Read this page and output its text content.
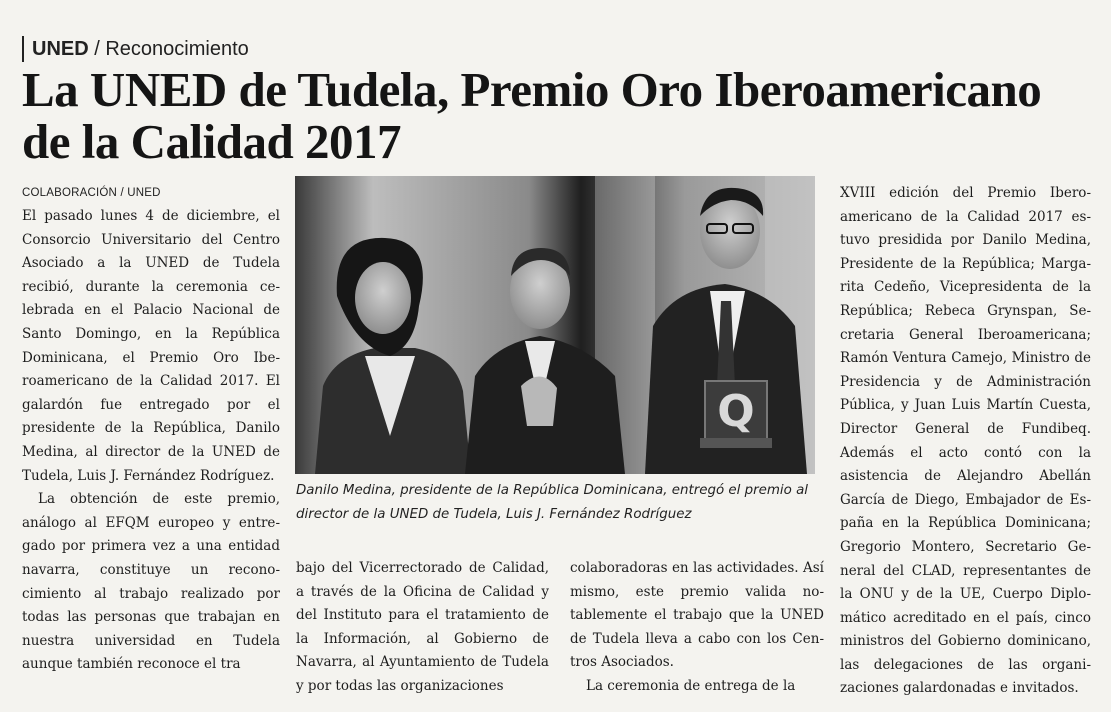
UNED / Reconocimiento
La UNED de Tudela, Premio Oro Iberoamericano
de la Calidad 2017
COLABORACIÓN / UNED

El pasado lunes 4 de diciembre, el Consorcio Universitario del Centro Asociado a la UNED de Tudela recibió, durante la ceremonia celebrada en el Palacio Nacional de Santo Domingo, en la República Dominicana, el Premio Oro Iberoamericano de la Calidad 2017. El galardón fue entregado por el presidente de la República, Danilo Medina, al director de la UNED de Tudela, Luis J. Fernández Rodríguez.

La obtención de este premio, análogo al EFQM europeo y entregado por primera vez a una entidad navarra, constituye un reconocimiento al trabajo realizado por todas las personas que trabajan en nuestra universidad en Tudela aunque también reconoce el tra

Q
Danilo Medina, presidente de la República Dominicana, entregó el premio al director de la UNED de Tudela, Luis J. Fernández Rodríguez

bajo del Vicerrectorado de Calidad, a través de la Oficina de Calidad y del Instituto para el tratamiento de la Información, al Gobierno de Navarra, al Ayuntamiento de Tudela y por todas las organizaciones

colaboradoras en las actividades. Así mismo, este premio valida notablemente el trabajo que la UNED de Tudela lleva a cabo con los Centros Asociados.

La ceremonia de entrega de la

XVIII edición del Premio Iberoamericano de la Calidad 2017 estuvo presidida por Danilo Medina, Presidente de la República; Margarita Cedeño, Vicepresidenta de la República; Rebeca Grynspan, Secretaria General Iberoamericana; Ramón Ventura Camejo, Ministro de Presidencia y de Administración Pública, y Juan Luis Martín Cuesta, Director General de Fundibeq. Además el acto contó con la asistencia de Alejandro Abellán García de Diego, Embajador de España en la República Dominicana; Gregorio Montero, Secretario General del CLAD, representantes de la ONU y de la UE, Cuerpo Diplomático acreditado en el país, cinco ministros del Gobierno dominicano, las delegaciones de las organizaciones galardonadas e invitados.
